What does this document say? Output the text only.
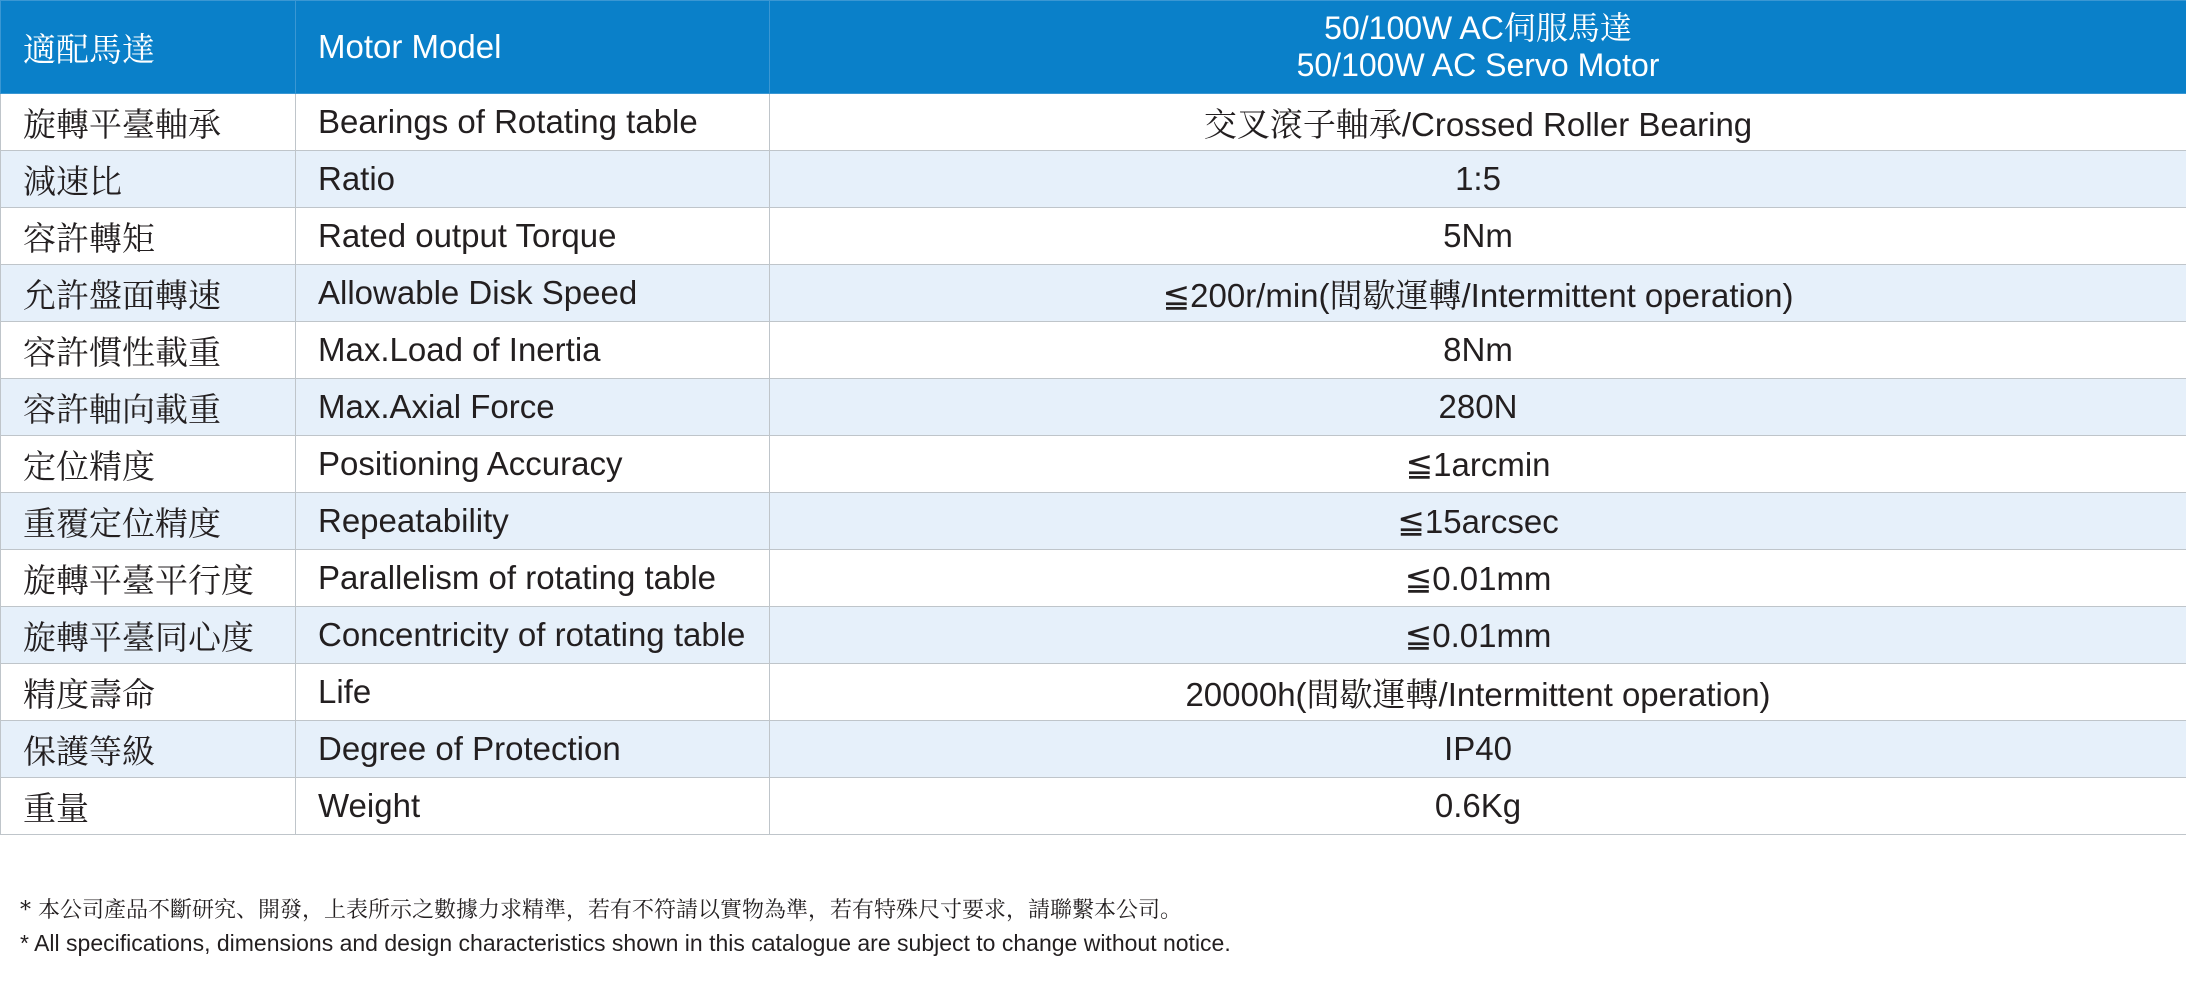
適配馬達	Motor Model	50/100W AC伺服馬達
50/100W AC Servo Motor

旋轉平臺軸承	Bearings of Rotating table	交叉滾子軸承/Crossed Roller Bearing
減速比	Ratio	1:5
容許轉矩	Rated output Torque	5Nm
允許盤面轉速	Allowable Disk Speed	≦200r/min(間歇運轉/Intermittent operation)
容許慣性載重	Max.Load of Inertia	8Nm
容許軸向載重	Max.Axial Force	280N
定位精度	Positioning Accuracy	≦1arcmin
重覆定位精度	Repeatability	≦15arcsec
旋轉平臺平行度	Parallelism of rotating table	≦0.01mm
旋轉平臺同心度	Concentricity of rotating table	≦0.01mm
精度壽命	Life	20000h(間歇運轉/Intermittent operation)
保護等級	Degree of Protection	IP40
重量	Weight	0.6Kg
* 本公司產品不斷研究、開發，上表所示之數據力求精準，若有不符請以實物為準，若有特殊尺寸要求，請聯繫本公司。
* All specifications, dimensions and design characteristics shown in this catalogue are subject to change without notice.
